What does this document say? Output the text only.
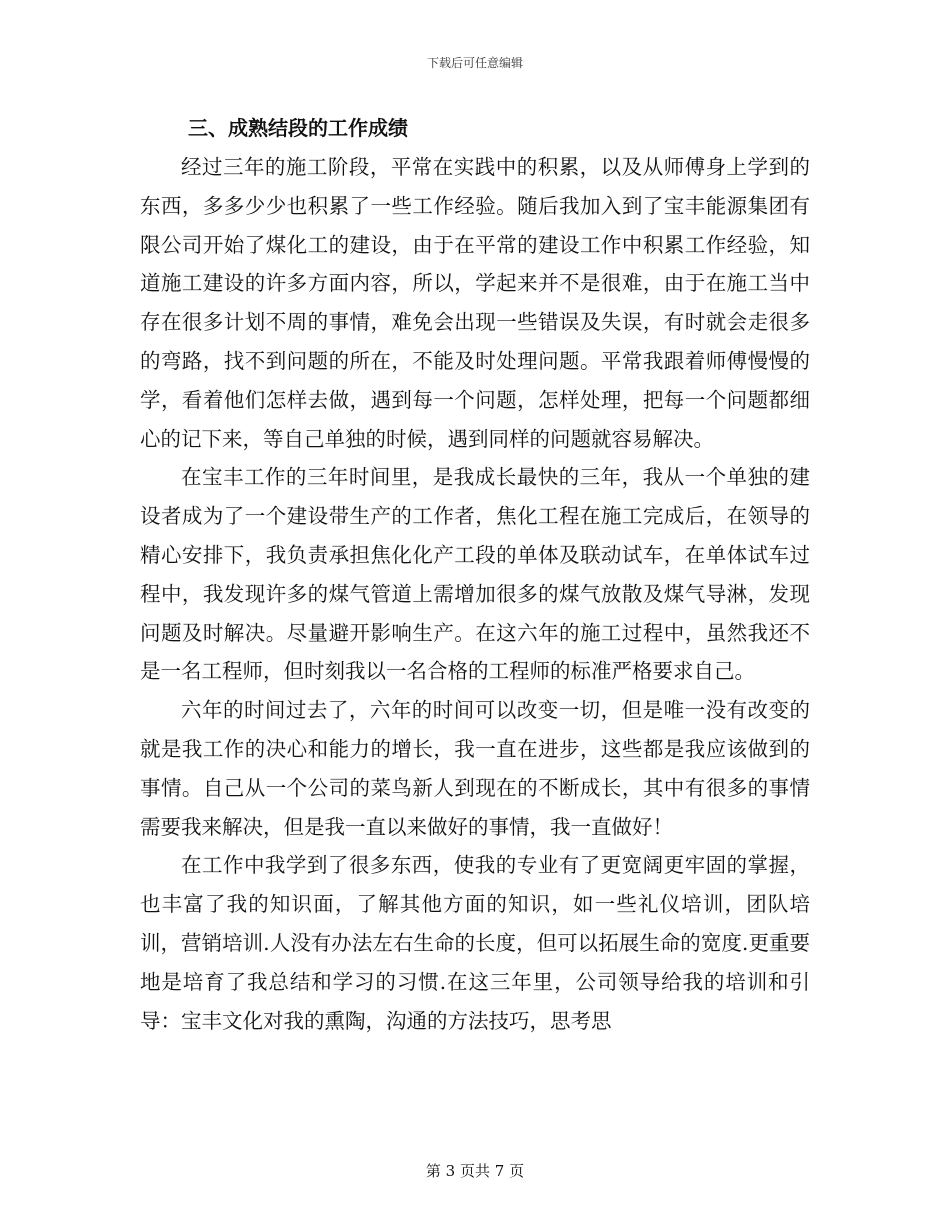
下载后可任意编辑
三、成熟结段的工作成绩

经过三年的施工阶段，平常在实践中的积累，以及从师傅身上学到的东西，多多少少也积累了一些工作经验。随后我加入到了宝丰能源集团有限公司开始了煤化工的建设，由于在平常的建设工作中积累工作经验，知道施工建设的许多方面内容，所以，学起来并不是很难，由于在施工当中存在很多计划不周的事情，难免会出现一些错误及失误，有时就会走很多的弯路，找不到问题的所在，不能及时处理问题。平常我跟着师傅慢慢的学，看着他们怎样去做，遇到每一个问题，怎样处理，把每一个问题都细心的记下来，等自己单独的时候，遇到同样的问题就容易解决。

在宝丰工作的三年时间里，是我成长最快的三年，我从一个单独的建设者成为了一个建设带生产的工作者，焦化工程在施工完成后，在领导的精心安排下，我负责承担焦化化产工段的单体及联动试车，在单体试车过程中，我发现许多的煤气管道上需增加很多的煤气放散及煤气导淋，发现问题及时解决。尽量避开影响生产。在这六年的施工过程中，虽然我还不是一名工程师，但时刻我以一名合格的工程师的标准严格要求自己。

六年的时间过去了，六年的时间可以改变一切，但是唯一没有改变的就是我工作的决心和能力的增长，我一直在进步，这些都是我应该做到的事情。自己从一个公司的菜鸟新人到现在的不断成长，其中有很多的事情需要我来解决，但是我一直以来做好的事情，我一直做好！

在工作中我学到了很多东西，使我的专业有了更宽阔更牢固的掌握，也丰富了我的知识面，了解其他方面的知识，如一些礼仪培训，团队培训，营销培训.人没有办法左右生命的长度，但可以拓展生命的宽度.更重要地是培育了我总结和学习的习惯.在这三年里，公司领导给我的培训和引导：宝丰文化对我的熏陶，沟通的方法技巧，思考思

第 3 页共 7 页
